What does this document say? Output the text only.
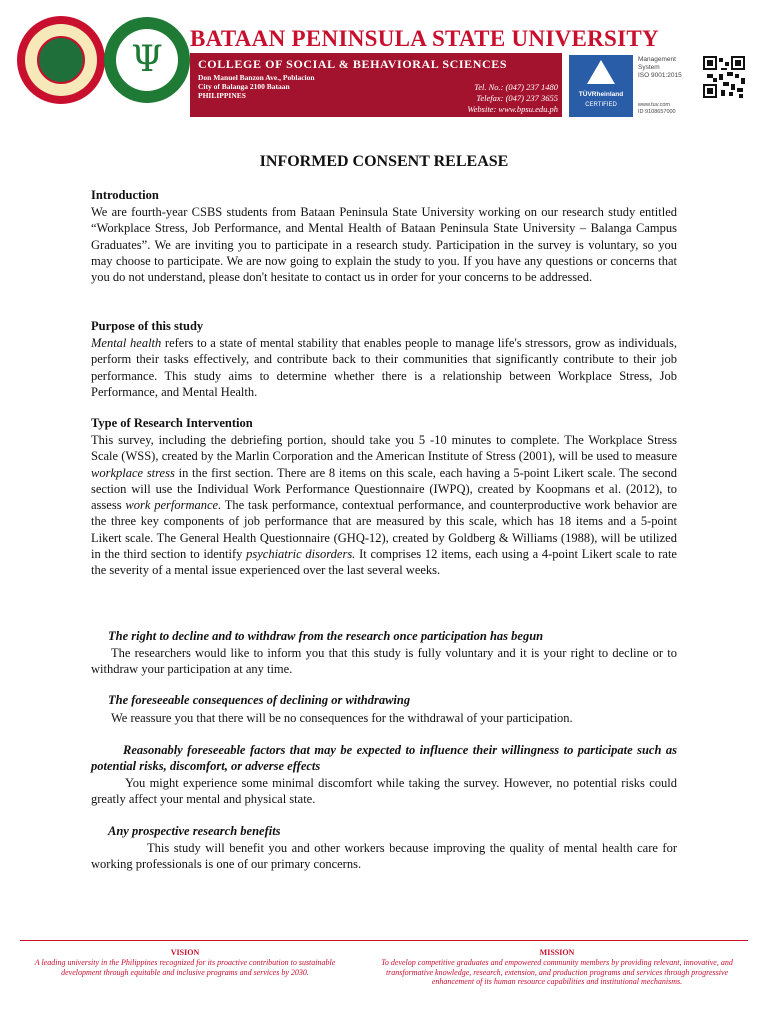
Ψ
BATAAN PENINSULA STATE UNIVERSITY
COLLEGE OF SOCIAL & BEHAVIORAL SCIENCES
Don Manuel Banzon Ave., Poblacion
City of Balanga 2100 Bataan
PHILIPPINES
Tel. No.: (047) 237 1480
Telefax: (047) 237 3655
Website: www.bpsu.edu.ph
TÜVRheinland
CERTIFIED
Management
System
ISO 9001:2015
www.tuv.com
ID 9108657000
INFORMED CONSENT RELEASE
Introduction
We are fourth-year CSBS students from Bataan Peninsula State University working on our research study entitled “Workplace Stress, Job Performance, and Mental Health of Bataan Peninsula State University – Balanga Campus Graduates”. We are inviting you to participate in a research study. Participation in the survey is voluntary, so you may choose to participate. We are now going to explain the study to you. If you have any questions or concerns that you do not understand, please don't hesitate to contact us in order for your concerns to be addressed.
Purpose of this study
Mental health refers to a state of mental stability that enables people to manage life's stressors, grow as individuals, perform their tasks effectively, and contribute back to their communities that significantly contribute to their job performance. This study aims to determine whether there is a relationship between Workplace Stress, Job Performance, and Mental Health.
Type of Research Intervention
This survey, including the debriefing portion, should take you 5 -10 minutes to complete. The Workplace Stress Scale (WSS), created by the Marlin Corporation and the American Institute of Stress (2001), will be used to measure workplace stress in the first section. There are 8 items on this scale, each having a 5-point Likert scale. The second section will use the Individual Work Performance Questionnaire (IWPQ), created by Koopmans et al. (2012), to assess work performance. The task performance, contextual performance, and counterproductive work behavior are the three key components of job performance that are measured by this scale, which has 18 items and a 5-point Likert scale. The General Health Questionnaire (GHQ-12), created by Goldberg & Williams (1988), will be utilized in the third section to identify psychiatric disorders. It comprises 12 items, each using a 4-point Likert scale to rate the severity of a mental issue experienced over the last several weeks.
The right to decline and to withdraw from the research once participation has begun
The researchers would like to inform you that this study is fully voluntary and it is your right to decline or to withdraw your participation at any time.
The foreseeable consequences of declining or withdrawing
We reassure you that there will be no consequences for the withdrawal of your participation.
Reasonably foreseeable factors that may be expected to influence their willingness to participate such as potential risks, discomfort, or adverse effects
You might experience some minimal discomfort while taking the survey. However, no potential risks could greatly affect your mental and physical state.
Any prospective research benefits
This study will benefit you and other workers because improving the quality of mental health care for working professionals is one of our primary concerns.
VISION
A leading university in the Philippines recognized for its proactive contribution to sustainable development through equitable and inclusive programs and services by 2030.
MISSION
To develop competitive graduates and empowered community members by providing relevant, innovative, and transformative knowledge, research, extension, and production programs and services through progressive enhancement of its human resource capabilities and institutional mechanisms.
